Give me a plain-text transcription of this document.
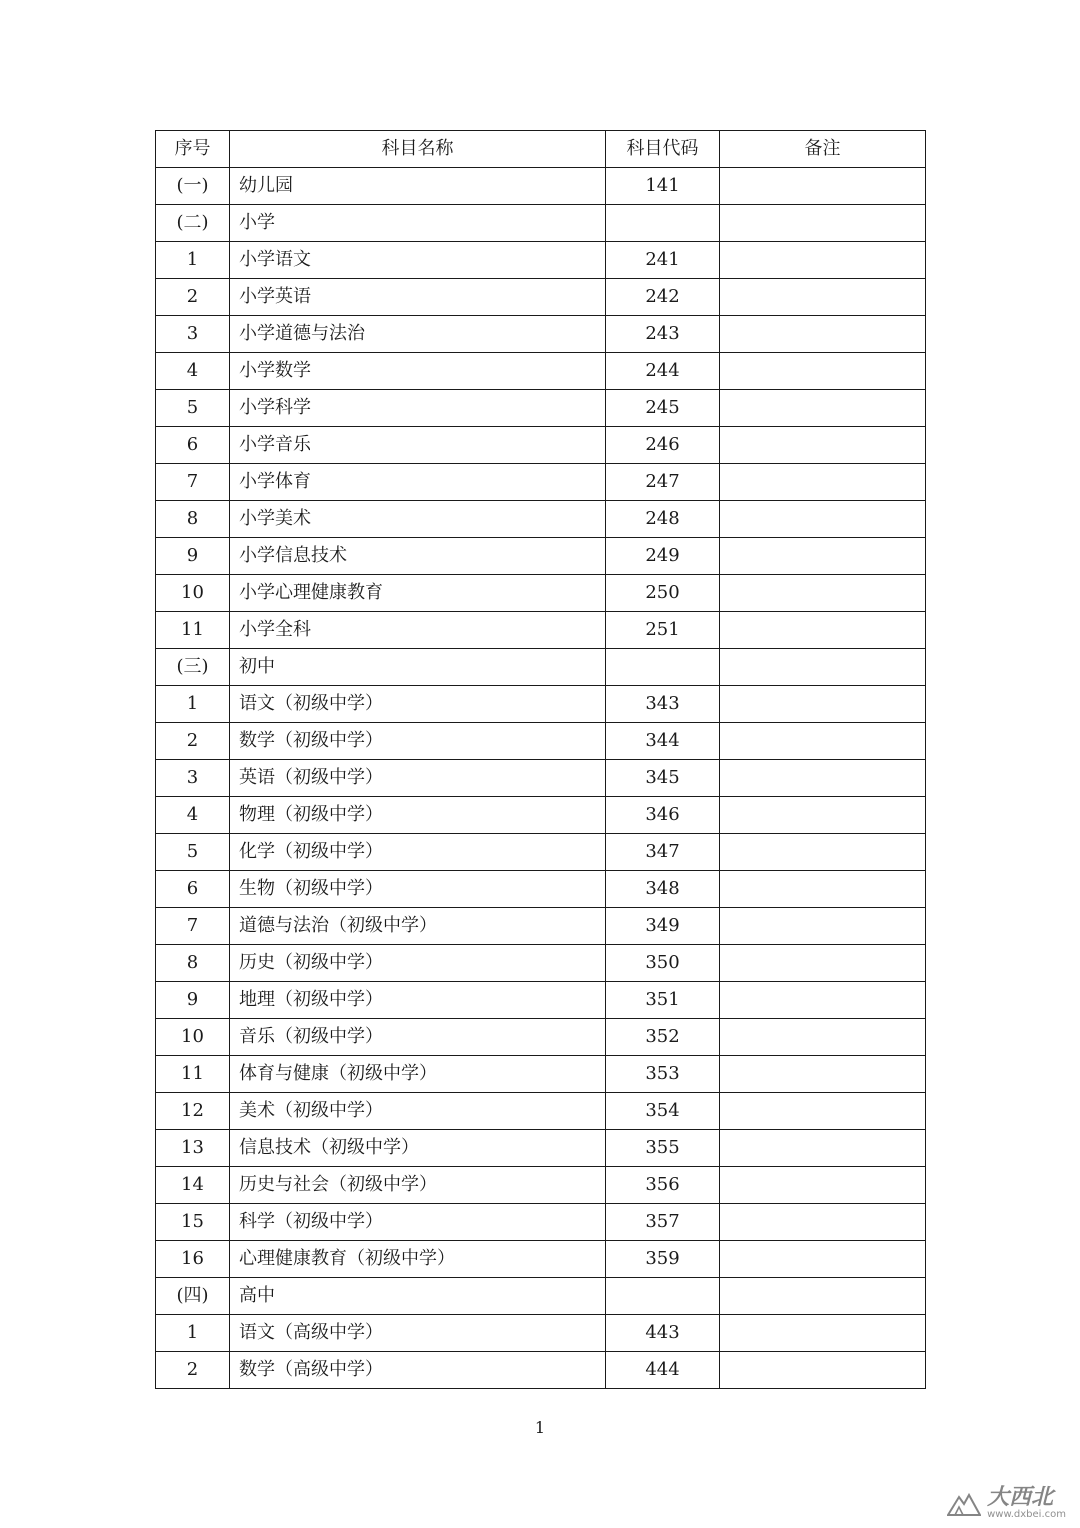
序号	科目名称	科目代码	备注
(一)	幼儿园	141	
(二)	小学		
1	小学语文	241	
2	小学英语	242	
3	小学道德与法治	243	
4	小学数学	244	
5	小学科学	245	
6	小学音乐	246	
7	小学体育	247	
8	小学美术	248	
9	小学信息技术	249	
10	小学心理健康教育	250	
11	小学全科	251	
(三)	初中		
1	语文（初级中学）	343	
2	数学（初级中学）	344	
3	英语（初级中学）	345	
4	物理（初级中学）	346	
5	化学（初级中学）	347	
6	生物（初级中学）	348	
7	道德与法治（初级中学）	349	
8	历史（初级中学）	350	
9	地理（初级中学）	351	
10	音乐（初级中学）	352	
11	体育与健康（初级中学）	353	
12	美术（初级中学）	354	
13	信息技术（初级中学）	355	
14	历史与社会（初级中学）	356	
15	科学（初级中学）	357	
16	心理健康教育（初级中学）	359	
(四)	高中		
1	语文（高级中学）	443	
2	数学（高级中学）	444	
1
大西北
www.dxbei.com
